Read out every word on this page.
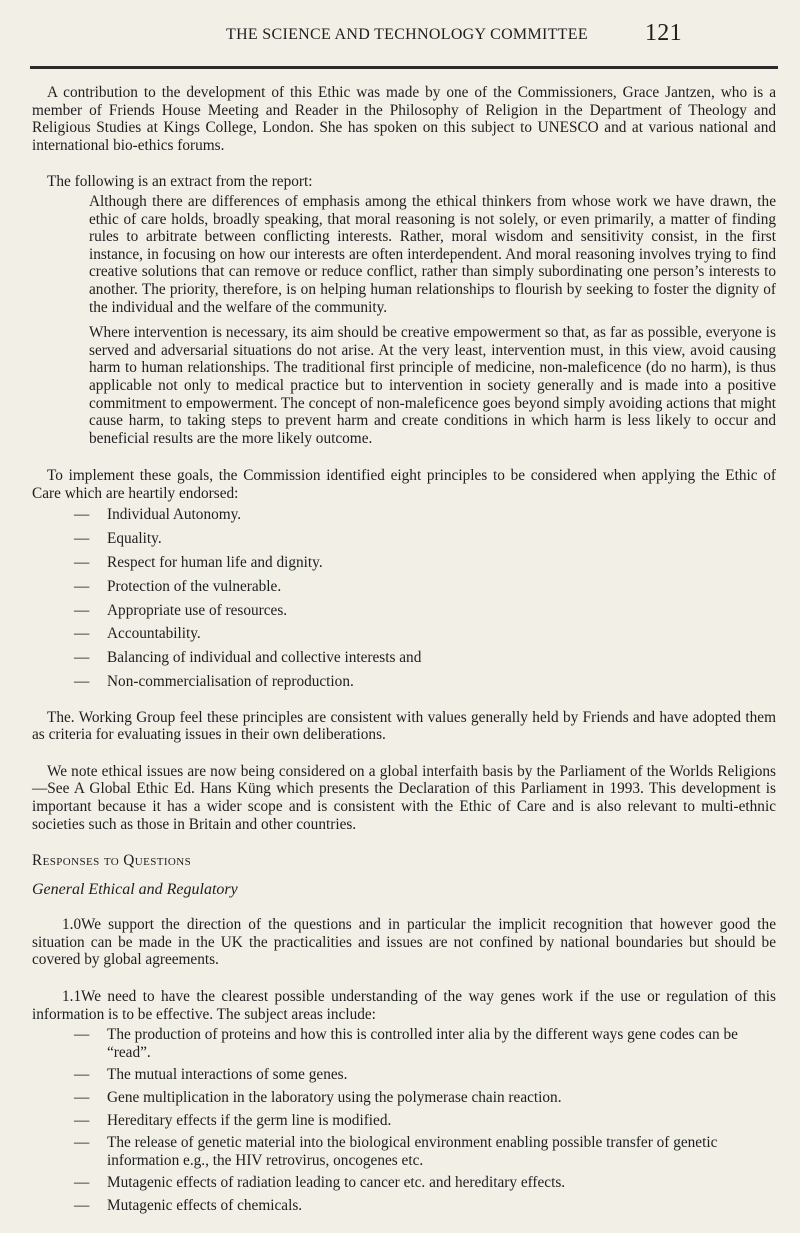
THE SCIENCE AND TECHNOLOGY COMMITTEE 121

A contribution to the development of this Ethic was made by one of the Commissioners, Grace Jantzen, who is a member of Friends House Meeting and Reader in the Philosophy of Religion in the Department of Theology and Religious Studies at Kings College, London. She has spoken on this subject to UNESCO and at various national and international bio-ethics forums.

The following is an extract from the report:

Although there are differences of emphasis among the ethical thinkers from whose work we have drawn, the ethic of care holds, broadly speaking, that moral reasoning is not solely, or even primarily, a matter of finding rules to arbitrate between conflicting interests. Rather, moral wisdom and sensitivity consist, in the first instance, in focusing on how our interests are often interdependent. And moral reasoning involves trying to find creative solutions that can remove or reduce conflict, rather than simply subordinating one person’s interests to another. The priority, therefore, is on helping human relationships to flourish by seeking to foster the dignity of the individual and the welfare of the community.

Where intervention is necessary, its aim should be creative empowerment so that, as far as possible, everyone is served and adversarial situations do not arise. At the very least, intervention must, in this view, avoid causing harm to human relationships. The traditional first principle of medicine, non-maleficence (do no harm), is thus applicable not only to medical practice but to intervention in society generally and is made into a positive commitment to empowerment. The concept of non-maleficence goes beyond simply avoiding actions that might cause harm, to taking steps to prevent harm and create conditions in which harm is less likely to occur and beneficial results are the more likely outcome.

To implement these goals, the Commission identified eight principles to be considered when applying the Ethic of Care which are heartily endorsed:

—	Individual Autonomy.
—	Equality.
—	Respect for human life and dignity.
—	Protection of the vulnerable.
—	Appropriate use of resources.
—	Accountability.
—	Balancing of individual and collective interests and
—	Non-commercialisation of reproduction.

The. Working Group feel these principles are consistent with values generally held by Friends and have adopted them as criteria for evaluating issues in their own deliberations.

We note ethical issues are now being considered on a global interfaith basis by the Parliament of the Worlds Religions—See A Global Ethic Ed. Hans Küng which presents the Declaration of this Parliament in 1993. This development is important because it has a wider scope and is consistent with the Ethic of Care and is also relevant to multi-ethnic societies such as those in Britain and other countries.

Responses to Questions

General Ethical and Regulatory

1.0We support the direction of the questions and in particular the implicit recognition that however good the situation can be made in the UK the practicalities and issues are not confined by national boundaries but should be covered by global agreements.

1.1We need to have the clearest possible understanding of the way genes work if the use or regulation of this information is to be effective. The subject areas include:

—	The production of proteins and how this is controlled inter alia by the different ways gene codes can be “read”.
—	The mutual interactions of some genes.
—	Gene multiplication in the laboratory using the polymerase chain reaction.
—	Hereditary effects if the germ line is modified.
—	The release of genetic material into the biological environment enabling possible transfer of genetic information e.g., the HIV retrovirus, oncogenes etc.
—	Mutagenic effects of radiation leading to cancer etc. and hereditary effects.
—	Mutagenic effects of chemicals.
